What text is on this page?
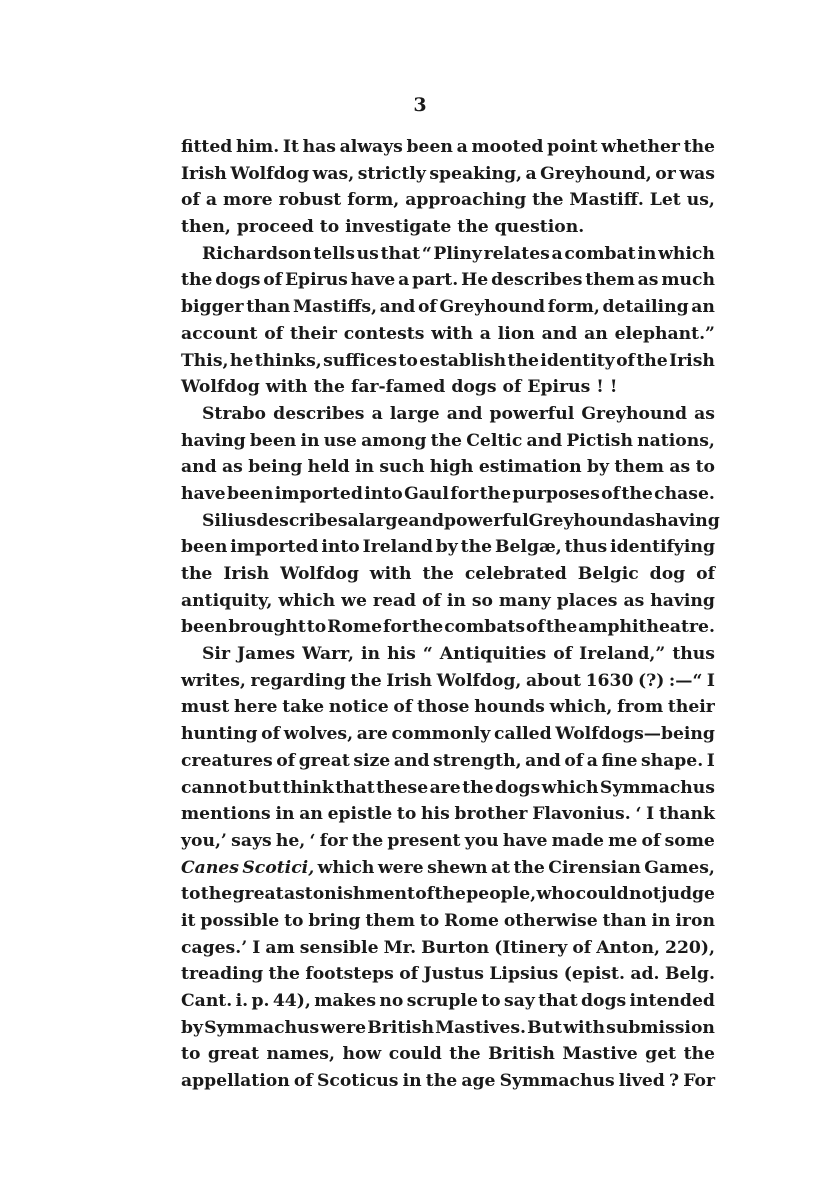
3
fitted him. It has always been a mooted point whether the
Irish Wolfdog was, strictly speaking, a Greyhound, or was
of a more robust form, approaching the Mastiff. Let us,
then, proceed to investigate the question.
Richardson tells us that “ Pliny relates a combat in which
the dogs of Epirus have a part. He describes them as much
bigger than Mastiffs, and of Greyhound form, detailing an
account of their contests with a lion and an elephant.”
This, he thinks, suffices to establish the identity of the Irish
Wolfdog with the far-famed dogs of Epirus ! !
Strabo describes a large and powerful Greyhound as
having been in use among the Celtic and Pictish nations,
and as being held in such high estimation by them as to
have been imported into Gaul for the purposes of the chase.
Silius describes a large and powerful Greyhound as having
been imported into Ireland by the Belgæ, thus identifying
the Irish Wolfdog with the celebrated Belgic dog of
antiquity, which we read of in so many places as having
been brought to Rome for the combats of the amphitheatre.
Sir James Warr, in his “ Antiquities of Ireland,” thus
writes, regarding the Irish Wolfdog, about 1630 (?) :—“ I
must here take notice of those hounds which, from their
hunting of wolves, are commonly called Wolfdogs—being
creatures of great size and strength, and of a fine shape. I
cannot but think that these are the dogs which Symmachus
mentions in an epistle to his brother Flavonius. ‘ I thank
you,’ says he, ‘ for the present you have made me of some
Canes Scotici, which were shewn at the Cirensian Games,
to the great astonishment of the people, who could not judge
it possible to bring them to Rome otherwise than in iron
cages.’ I am sensible Mr. Burton (Itinery of Anton, 220),
treading the footsteps of Justus Lipsius (epist. ad. Belg.
Cant. i. p. 44), makes no scruple to say that dogs intended
by Symmachus were British Mastives. But with submission
to great names, how could the British Mastive get the
appellation of Scoticus in the age Symmachus lived ? For
